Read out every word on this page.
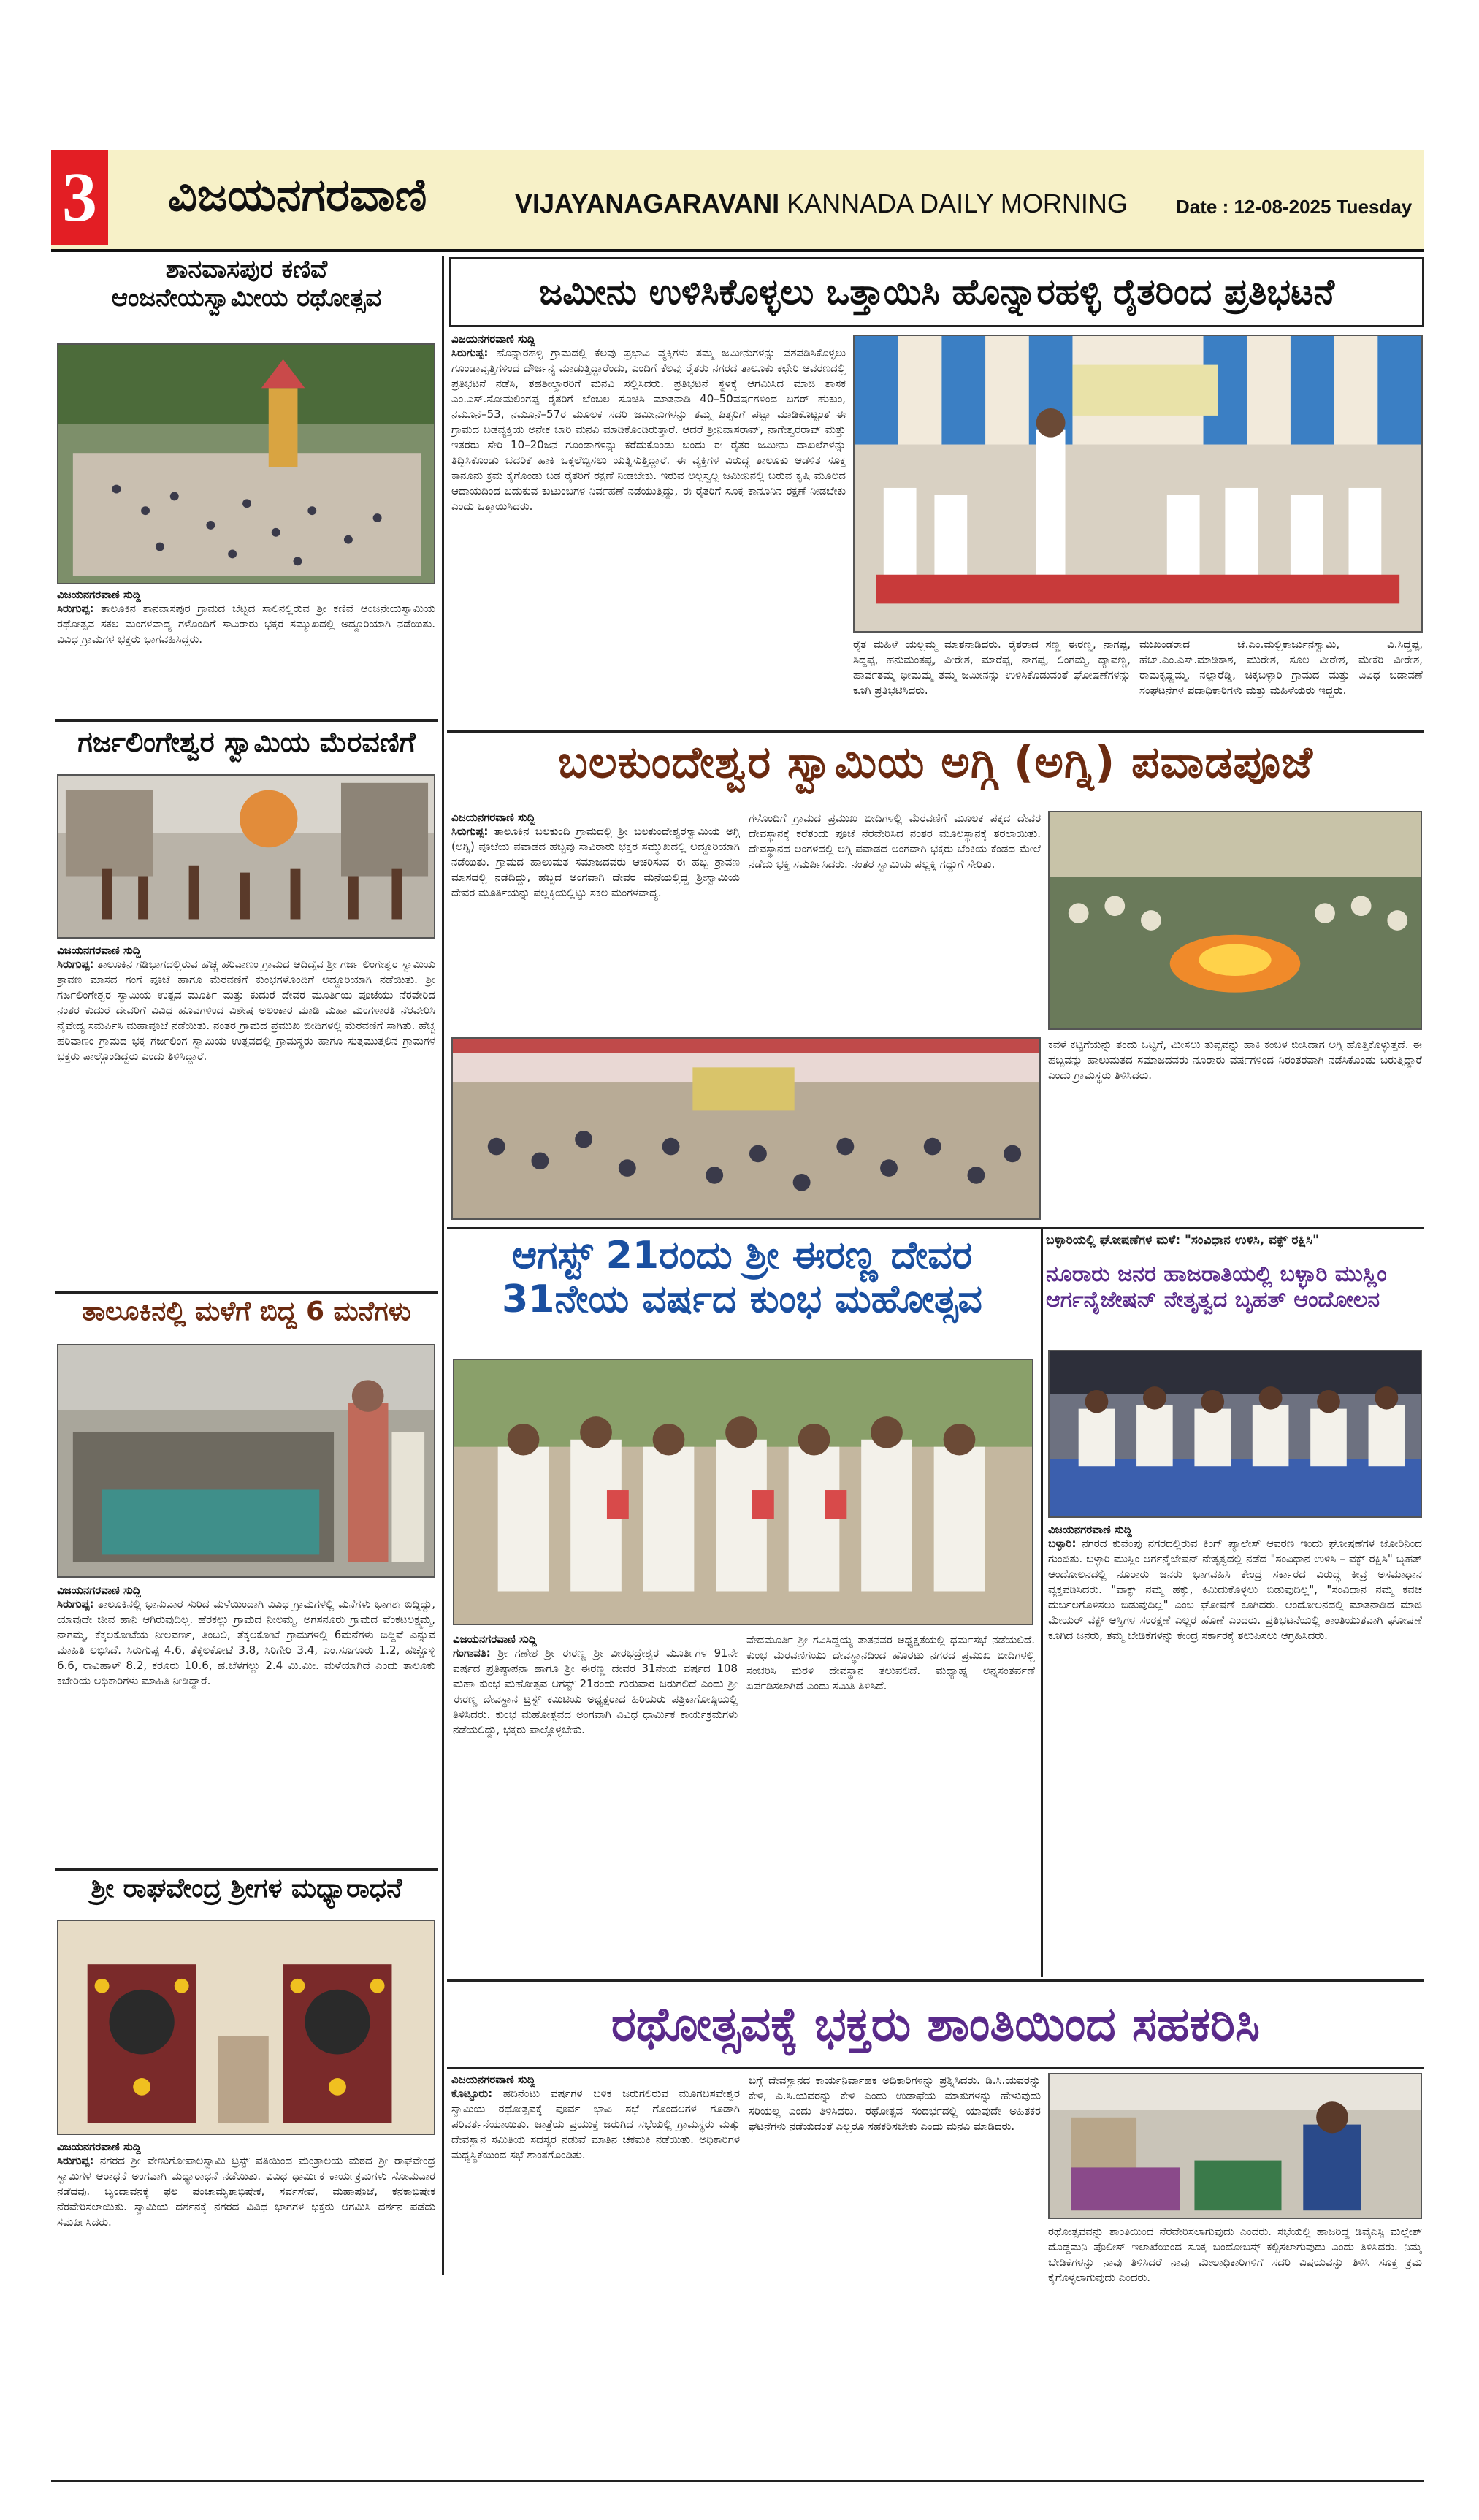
3 ವಿಜಯನಗರವಾಣಿ	VIJAYANAGARAVANI KANNADA DAILY MORNING	Date : 12-08-2025 Tuesday
ಶಾನವಾಸಪುರ ಕಣಿವೆ
ಆಂಜನೇಯಸ್ವಾಮೀಯ ರಥೋತ್ಸವ
ವಿಜಯನಗರವಾಣಿ ಸುದ್ದಿ
ಸಿರುಗುಪ್ಪ: ತಾಲೂಕಿನ ಶಾನವಾಸಪುರ ಗ್ರಾಮದ ಬೆಟ್ಟದ ಸಾಲಿನಲ್ಲಿರುವ ಶ್ರೀ ಕಣಿವೆ ಆಂಜನೇಯಸ್ವಾಮಿಯ ರಥೋತ್ಸವ ಸಕಲ ಮಂಗಳವಾದ್ಯ ಗಳೊಂದಿಗೆ ಸಾವಿರಾರು ಭಕ್ತರ ಸಮ್ಮುಖದಲ್ಲಿ ಅದ್ದೂರಿಯಾಗಿ ನಡೆಯಿತು. ವಿವಿಧ ಗ್ರಾಮಗಳ ಭಕ್ತರು ಭಾಗವಹಿಸಿದ್ದರು.
ಗರ್ಜಲಿಂಗೇಶ್ವರ ಸ್ವಾಮಿಯ ಮೆರವಣಿಗೆ
ವಿಜಯನಗರವಾಣಿ ಸುದ್ದಿ
ಸಿರುಗುಪ್ಪ: ತಾಲೂಕಿನ ಗಡಿಭಾಗದಲ್ಲಿರುವ ಹೆಚ್ಚ ಹರಿವಾಣಂ ಗ್ರಾಮದ ಆದಿದೈವ ಶ್ರೀ ಗರ್ಜ ಲಿಂಗೇಶ್ವರ ಸ್ವಾಮಿಯ ಶ್ರಾವಣ ಮಾಸದ ಗಂಗೆ ಪೂಜೆ ಹಾಗೂ ಮೆರವಣಿಗೆ ಕುಂಭಗಳೊಂದಿಗೆ ಅದ್ದೂರಿಯಾಗಿ ನಡೆಯಿತು. ಶ್ರೀ ಗರ್ಜಲಿಂಗೇಶ್ವರ ಸ್ವಾಮಿಯ ಉತ್ಸವ ಮೂರ್ತಿ ಮತ್ತು ಕುದುರೆ ದೇವರ ಮೂರ್ತಿಯ ಪೂಜೆಯು ನೆರವೇರಿದ ನಂತರ ಕುದುರೆ ದೇವರಿಗೆ ವಿವಿಧ ಹೂವಗಳಿಂದ ವಿಶೇಷ ಅಲಂಕಾರ ಮಾಡಿ ಮಹಾ ಮಂಗಳಾರತಿ ನೆರವೇರಿಸಿ ನೈವೇದ್ಯ ಸಮರ್ಪಿಸಿ ಮಹಾಪೂಜೆ ನಡೆಯಿತು. ನಂತರ ಗ್ರಾಮದ ಪ್ರಮುಖ ಬೀದಿಗಳಲ್ಲಿ ಮೆರವಣಿಗೆ ಸಾಗಿತು. ಹೆಚ್ಚ ಹರಿವಾಣಂ ಗ್ರಾಮದ ಭಕ್ತ ಗರ್ಜಲಿಂಗ ಸ್ವಾಮಿಯ ಉತ್ಸವದಲ್ಲಿ ಗ್ರಾಮಸ್ಥರು ಹಾಗೂ ಸುತ್ತಮುತ್ತಲಿನ ಗ್ರಾಮಗಳ ಭಕ್ತರು ಪಾಲ್ಗೊಂಡಿದ್ದರು ಎಂದು ತಿಳಿಸಿದ್ದಾರೆ.
ತಾಲೂಕಿನಲ್ಲಿ ಮಳೆಗೆ ಬಿದ್ದ 6 ಮನೆಗಳು
ವಿಜಯನಗರವಾಣಿ ಸುದ್ದಿ
ಸಿರುಗುಪ್ಪ: ತಾಲೂಕಿನಲ್ಲಿ ಭಾನುವಾರ ಸುರಿದ ಮಳೆಯಿಂದಾಗಿ ವಿವಿಧ ಗ್ರಾಮಗಳಲ್ಲಿ ಮನೆಗಳು ಭಾಗಶಃ ಬಿದ್ದಿದ್ದು, ಯಾವುದೇ ಜೀವ ಹಾನಿ ಆಗಿರುವುದಿಲ್ಲ. ಹೆರಕಲ್ಲು ಗ್ರಾಮದ ನೀಲಮ್ಮ, ಅಗಸನೂರು ಗ್ರಾಮದ ವೆಂಕಟಲಕ್ಷ್ಮಮ್ಮ, ನಾಗಮ್ಮ, ಕೆಕ್ಕಲಕೋಟೆಯ ನೀಲವರ್ಣ, ತಿಂಬಲಿ, ತೆಕ್ಕಲಕೋಟೆ ಗ್ರಾಮಗಳಲ್ಲಿ 6ಮನೆಗಳು ಬಿದ್ದಿವೆ ಎನ್ನುವ ಮಾಹಿತಿ ಲಭಿಸಿದೆ. ಸಿರುಗುಪ್ಪ 4.6, ತೆಕ್ಕಲಕೋಟೆ 3.8, ಸಿರಿಗೇರಿ 3.4, ಎಂ.ಸೂಗೂರು 1.2, ಹಚ್ಚೊಳ್ಳಿ 6.6, ರಾವಿಹಾಳ್ 8.2, ಕರೂರು 10.6, ಹ.ಬೆಳಗಲ್ಲು 2.4 ಮಿ.ಮೀ. ಮಳೆಯಾಗಿದೆ ಎಂದು ತಾಲೂಕು ಕಚೇರಿಯ ಅಧಿಕಾರಿಗಳು ಮಾಹಿತಿ ನೀಡಿದ್ದಾರೆ.
ಶ್ರೀ ರಾಘವೇಂದ್ರ ಶ್ರೀಗಳ ಮಧ್ಯಾರಾಧನೆ
ವಿಜಯನಗರವಾಣಿ ಸುದ್ದಿ
ಸಿರುಗುಪ್ಪ: ನಗರದ ಶ್ರೀ ವೇಣುಗೋಪಾಲಸ್ವಾಮಿ ಟ್ರಸ್ಟ್ ವತಿಯಿಂದ ಮಂತ್ರಾಲಯ ಮಠದ ಶ್ರೀ ರಾಘವೇಂದ್ರ ಸ್ವಾಮಿಗಳ ಆರಾಧನೆ ಅಂಗವಾಗಿ ಮಧ್ಯಾರಾಧನೆ ನಡೆಯಿತು. ವಿವಿಧ ಧಾರ್ಮಿಕ ಕಾರ್ಯಕ್ರಮಗಳು ಸೋಮವಾರ ನಡೆದವು. ಬೃಂದಾವನಕ್ಕೆ ಫಲ ಪಂಚಾಮೃತಾಭಿಷೇಕ, ಸರ್ವಸೇವೆ, ಮಹಾಪೂಜೆ, ಕನಕಾಭಿಷೇಕ ನೆರವೇರಿಸಲಾಯಿತು. ಸ್ವಾಮಿಯ ದರ್ಶನಕ್ಕೆ ನಗರದ ವಿವಿಧ ಭಾಗಗಳ ಭಕ್ತರು ಆಗಮಿಸಿ ದರ್ಶನ ಪಡೆದು ಸಮರ್ಪಿಸಿದರು.
ಜಮೀನು ಉಳಿಸಿಕೊಳ್ಳಲು ಒತ್ತಾಯಿಸಿ ಹೊನ್ನಾರಹಳ್ಳಿ ರೈತರಿಂದ ಪ್ರತಿಭಟನೆ
ವಿಜಯನಗರವಾಣಿ ಸುದ್ದಿ
ಸಿರುಗುಪ್ಪ: ಹೊನ್ನಾರಹಳ್ಳಿ ಗ್ರಾಮದಲ್ಲಿ ಕೆಲವು ಪ್ರಭಾವಿ ವ್ಯಕ್ತಿಗಳು ತಮ್ಮ ಜಮೀನುಗಳನ್ನು ವಶಪಡಿಸಿಕೊಳ್ಳಲು ಗೂಂಡಾವೃತ್ತಿಗಳಿಂದ ದೌರ್ಜನ್ಯ ಮಾಡುತ್ತಿದ್ದಾರೆಂದು, ಎಂದಿಗೆ ಕೆಲವು ರೈತರು ನಗರದ ತಾಲೂಕು ಕಛೇರಿ ಆವರಣದಲ್ಲಿ ಪ್ರತಿಭಟನೆ ನಡೆಸಿ, ತಹಶೀಲ್ದಾರರಿಗೆ ಮನವಿ ಸಲ್ಲಿಸಿದರು. ಪ್ರತಿಭಟನೆ ಸ್ಥಳಕ್ಕೆ ಆಗಮಿಸಿದ ಮಾಜಿ ಶಾಸಕ ಎಂ.ಎಸ್.ಸೋಮಲಿಂಗಪ್ಪ ರೈತರಿಗೆ ಬೆಂಬಲ ಸೂಚಿಸಿ ಮಾತನಾಡಿ 40–50ವರ್ಷಗಳಿಂದ ಬಗರ್ ಹುಕುಂ, ನಮೂನೆ–53, ನಮೂನೆ–57ರ ಮೂಲಕ ಸದರಿ ಜಮೀನುಗಳನ್ನು ತಮ್ಮ ಪಿತೃರಿಗೆ ಪಟ್ಟಾ ಮಾಡಿಕೊಟ್ಟಂತೆ ಈ ಗ್ರಾಮದ ಬಡವ್ಯಕ್ತಿಯ ಅನೇಕ ಬಾರಿ ಮನವಿ ಮಾಡಿಕೊಂಡಿರುತ್ತಾರೆ. ಆದರೆ ಶ್ರೀನಿವಾಸರಾವ್, ನಾಗೇಶ್ವರರಾವ್ ಮತ್ತು ಇತರರು ಸೇರಿ 10–20ಜನ ಗೂಂಡಾಗಳನ್ನು ಕರೆದುಕೊಂಡು ಬಂದು ಈ ರೈತರ ಜಮೀನು ದಾಖಲೆಗಳನ್ನು ತಿದ್ದಿಸಿಕೊಂಡು ಬೆದರಿಕೆ ಹಾಕಿ ಒಕ್ಕಲೆಬ್ಬಿಸಲು ಯತ್ನಿಸುತ್ತಿದ್ದಾರೆ. ಈ ವ್ಯಕ್ತಿಗಳ ವಿರುದ್ಧ ತಾಲೂಕು ಆಡಳಿತ ಸೂಕ್ತ ಕಾನೂನು ಕ್ರಮ ಕೈಗೊಂಡು ಬಡ ರೈತರಿಗೆ ರಕ್ಷಣೆ ನೀಡಬೇಕು. ಇರುವ ಅಲ್ಪಸ್ವಲ್ಪ ಜಮೀನಿನಲ್ಲಿ ಬರುವ ಕೃಷಿ ಮೂಲದ ಆದಾಯದಿಂದ ಬದುಕುವ ಕುಟುಂಬಗಳ ನಿರ್ವಹಣೆ ನಡೆಯುತ್ತಿದ್ದು, ಈ ರೈತರಿಗೆ ಸೂಕ್ತ ಕಾನೂನಿನ ರಕ್ಷಣೆ ನೀಡಬೇಕು ಎಂದು ಒತ್ತಾಯಿಸಿದರು.
ರೈತ ಮಹಿಳೆ ಯಲ್ಲಮ್ಮ ಮಾತನಾಡಿದರು. ರೈತರಾದ ಸಣ್ಣ ಈರಣ್ಣ, ನಾಗಪ್ಪ, ಸಿದ್ದಪ್ಪ, ಹನುಮಂತಪ್ಪ, ವೀರೇಶ, ಮಾರೆಪ್ಪ, ನಾಗಪ್ಪ, ಲಿಂಗಮ್ಮ, ದ್ಯಾವಣ್ಣ, ಹಾರ್ವತಮ್ಮ ಭೀಮಮ್ಮ ತಮ್ಮ ಜಮೀನನ್ನು ಉಳಿಸಿಕೊಡುವಂತೆ ಘೋಷಣೆಗಳನ್ನು ಕೂಗಿ ಪ್ರತಿಭಟಿಸಿದರು.
ಮುಖಂಡರಾದ ಜೆ.ಎಂ.ಮಲ್ಲಿಕಾರ್ಜುನಸ್ವಾಮಿ, ವಿ.ಸಿದ್ದಪ್ಪ, ಹೆಚ್.ಎಂ.ಎಸ್.ಮಾಡಿಕಾಶ, ಮುರೇಶ, ಸೂಲ ವೀರೇಶ, ಮೇಕೆರಿ ವೀರೇಶ, ರಾಮಕೃಷ್ಣಮ್ಮ, ನಲ್ಲಾರೆಡ್ಡಿ, ಚಿಕ್ಕಬಳ್ಳಾರಿ ಗ್ರಾಮದ ಮತ್ತು ವಿವಿಧ ಬಡಾವಣೆ ಸಂಘಟನೆಗಳ ಪದಾಧಿಕಾರಿಗಳು ಮತ್ತು ಮಹಿಳೆಯರು ಇದ್ದರು.
ಬಲಕುಂದೇಶ್ವರ ಸ್ವಾಮಿಯ ಅಗ್ಗಿ (ಅಗ್ನಿ) ಪವಾಡಪೂಜೆ
ವಿಜಯನಗರವಾಣಿ ಸುದ್ದಿ
ಸಿರುಗುಪ್ಪ: ತಾಲೂಕಿನ ಬಲಕುಂದಿ ಗ್ರಾಮದಲ್ಲಿ ಶ್ರೀ ಬಲಕುಂದೇಶ್ವರಸ್ವಾಮಿಯ ಅಗ್ಗಿ (ಅಗ್ನಿ) ಪೂಜೆಯ ಪವಾಡದ ಹಬ್ಬವು ಸಾವಿರಾರು ಭಕ್ತರ ಸಮ್ಮುಖದಲ್ಲಿ ಅದ್ದೂರಿಯಾಗಿ ನಡೆಯಿತು. ಗ್ರಾಮದ ಹಾಲುಮತ ಸಮಾಜದವರು ಆಚರಿಸುವ ಈ ಹಬ್ಬ ಶ್ರಾವಣ ಮಾಸದಲ್ಲಿ ನಡೆದಿದ್ದು, ಹಬ್ಬದ ಅಂಗವಾಗಿ ದೇವರ ಮನೆಯಲ್ಲಿದ್ದ ಶ್ರೀಸ್ವಾಮಿಯ ದೇವರ ಮೂರ್ತಿಯನ್ನು ಪಲ್ಲಕ್ಕಿಯಲ್ಲಿಟ್ಟು ಸಕಲ ಮಂಗಳವಾದ್ಯ.
ಗಳೊಂದಿಗೆ ಗ್ರಾಮದ ಪ್ರಮುಖ ಬೀದಿಗಳಲ್ಲಿ ಮೆರವಣಿಗೆ ಮೂಲಕ ಪಕ್ಕದ ದೇವರ ದೇವಸ್ಥಾನಕ್ಕೆ ಕರೆತಂದು ಪೂಜೆ ನೆರವೇರಿಸಿದ ನಂತರ ಮೂಲಸ್ಥಾನಕ್ಕೆ ತರಲಾಯಿತು. ದೇವಸ್ಥಾನದ ಅಂಗಳದಲ್ಲಿ ಅಗ್ಗಿ ಪವಾಡದ ಅಂಗವಾಗಿ ಭಕ್ತರು ಬೆಂಕಿಯ ಕೆಂಡದ ಮೇಲೆ ನಡೆದು ಭಕ್ತಿ ಸಮರ್ಪಿಸಿದರು. ನಂತರ ಸ್ವಾಮಿಯ ಪಲ್ಲಕ್ಕಿ ಗದ್ದುಗೆ ಸೇರಿತು.
ಕವಳೆ ಕಟ್ಟಿಗೆಯನ್ನು ತಂದು ಒಟ್ಟಿಗೆ, ಮೀಸಲು ತುಪ್ಪವನ್ನು ಹಾಕಿ ಕಂಬಳ ಬೀಸಿದಾಗ ಅಗ್ಗಿ ಹೊತ್ತಿಕೊಳ್ಳುತ್ತದೆ. ಈ ಹಬ್ಬವನ್ನು ಹಾಲುಮತದ ಸಮಾಜದವರು ನೂರಾರು ವರ್ಷಗಳಿಂದ ನಿರಂತರವಾಗಿ ನಡೆಸಿಕೊಂಡು ಬರುತ್ತಿದ್ದಾರೆ ಎಂದು ಗ್ರಾಮಸ್ಥರು ತಿಳಿಸಿದರು.
ಆಗಸ್ಟ್ 21ರಂದು ಶ್ರೀ ಈರಣ್ಣ ದೇವರ
31ನೇಯ ವರ್ಷದ ಕುಂಭ ಮಹೋತ್ಸವ
ವಿಜಯನಗರವಾಣಿ ಸುದ್ದಿ
ಗಂಗಾವತಿ: ಶ್ರೀ ಗಣೇಶ ಶ್ರೀ ಈರಣ್ಣ ಶ್ರೀ ವೀರಭದ್ರೇಶ್ವರ ಮೂರ್ತಿಗಳ 91ನೇ ವರ್ಷದ ಪ್ರತಿಷ್ಠಾಪನಾ ಹಾಗೂ ಶ್ರೀ ಈರಣ್ಣ ದೇವರ 31ನೇಯ ವರ್ಷದ 108 ಮಹಾ ಕುಂಭ ಮಹೋತ್ಸವ ಆಗಸ್ಟ್ 21ರಂದು ಗುರುವಾರ ಜರುಗಲಿದೆ ಎಂದು ಶ್ರೀ ಈರಣ್ಣ ದೇವಸ್ಥಾನ ಟ್ರಸ್ಟ್ ಕಮಿಟಿಯ ಅಧ್ಯಕ್ಷರಾದ ಹಿರಿಯರು ಪತ್ರಿಕಾಗೋಷ್ಠಿಯಲ್ಲಿ ತಿಳಿಸಿದರು. ಕುಂಭ ಮಹೋತ್ಸವದ ಅಂಗವಾಗಿ ವಿವಿಧ ಧಾರ್ಮಿಕ ಕಾರ್ಯಕ್ರಮಗಳು ನಡೆಯಲಿದ್ದು, ಭಕ್ತರು ಪಾಲ್ಗೊಳ್ಳಬೇಕು.
ವೇದಮೂರ್ತಿ ಶ್ರೀ ಗವಿಸಿದ್ದಯ್ಯ ತಾತನವರ ಅಧ್ಯಕ್ಷತೆಯಲ್ಲಿ ಧರ್ಮಸಭೆ ನಡೆಯಲಿದೆ. ಕುಂಭ ಮೆರವಣಿಗೆಯು ದೇವಸ್ಥಾನದಿಂದ ಹೊರಟು ನಗರದ ಪ್ರಮುಖ ಬೀದಿಗಳಲ್ಲಿ ಸಂಚರಿಸಿ ಮರಳಿ ದೇವಸ್ಥಾನ ತಲುಪಲಿದೆ. ಮಧ್ಯಾಹ್ನ ಅನ್ನಸಂತರ್ಪಣೆ ಏರ್ಪಡಿಸಲಾಗಿದೆ ಎಂದು ಸಮಿತಿ ತಿಳಿಸಿದೆ.
ಬಳ್ಳಾರಿಯಲ್ಲಿ ಘೋಷಣೆಗಳ ಮಳೆ: "ಸಂವಿಧಾನ ಉಳಿಸಿ, ವಕ್ಫ್ ರಕ್ಷಿಸಿ"
ನೂರಾರು ಜನರ ಹಾಜರಾತಿಯಲ್ಲಿ ಬಳ್ಳಾರಿ ಮುಸ್ಲಿಂ
ಆರ್ಗನೈಜೇಷನ್ ನೇತೃತ್ವದ ಬೃಹತ್ ಆಂದೋಲನ
ವಿಜಯನಗರವಾಣಿ ಸುದ್ದಿ
ಬಳ್ಳಾರಿ: ನಗರದ ಕುವೆಂಪು ನಗರದಲ್ಲಿರುವ ಕಿಂಗ್ ಪ್ಯಾಲೇಸ್ ಆವರಣ ಇಂದು ಘೋಷಣೆಗಳ ಜೋರಿನಿಂದ ಗುಂಜಿತು. ಬಳ್ಳಾರಿ ಮುಸ್ಲಿಂ ಆರ್ಗನೈಜೇಷನ್ ನೇತೃತ್ವದಲ್ಲಿ ನಡೆದ "ಸಂವಿಧಾನ ಉಳಿಸಿ – ವಕ್ಫ್ ರಕ್ಷಿಸಿ" ಬೃಹತ್ ಆಂದೋಲನದಲ್ಲಿ ನೂರಾರು ಜನರು ಭಾಗವಹಿಸಿ ಕೇಂದ್ರ ಸರ್ಕಾರದ ವಿರುದ್ಧ ಕೀವ್ರ ಅಸಮಾಧಾನ ವ್ಯಕ್ತಪಡಿಸಿದರು. "ವಾಕ್ಫ್ ನಮ್ಮ ಹಕ್ಕು, ಕಿಮಿದುಕೊಳ್ಳಲು ಬಿಡುವುದಿಲ್ಲ", "ಸಂವಿಧಾನ ನಮ್ಮ ಕವಚ ದುರ್ಬಲಗೊಳಿಸಲು ಬಿಡುವುದಿಲ್ಲ" ಎಂಬ ಘೋಷಣೆ ಕೂಗಿದರು. ಆಂದೋಲನದಲ್ಲಿ ಮಾತನಾಡಿದ ಮಾಜಿ ಮೇಯರ್ ವಕ್ಫ್ ಆಸ್ತಿಗಳ ಸಂರಕ್ಷಣೆ ಎಲ್ಲರ ಹೊಣೆ ಎಂದರು. ಪ್ರತಿಭಟನೆಯಲ್ಲಿ ಶಾಂತಿಯುತವಾಗಿ ಘೋಷಣೆ ಕೂಗಿದ ಜನರು, ತಮ್ಮ ಬೇಡಿಕೆಗಳನ್ನು ಕೇಂದ್ರ ಸರ್ಕಾರಕ್ಕೆ ತಲುಪಿಸಲು ಆಗ್ರಹಿಸಿದರು.
ರಥೋತ್ಸವಕ್ಕೆ ಭಕ್ತರು ಶಾಂತಿಯಿಂದ ಸಹಕರಿಸಿ
ವಿಜಯನಗರವಾಣಿ ಸುದ್ದಿ
ಕೊಟ್ಟೂರು: ಹದಿನೆಂಟು ವರ್ಷಗಳ ಬಳಿಕ ಜರುಗಲಿರುವ ಮೂಗಬಸವೇಶ್ವರ ಸ್ವಾಮಿಯ ರಥೋತ್ಸವಕ್ಕೆ ಪೂರ್ವ ಭಾವಿ ಸಭೆ ಗೊಂದಲಗಳ ಗೂಡಾಗಿ ಪರಿವರ್ತನೆಯಾಯಿತು. ಜಾತ್ರೆಯ ಪ್ರಯುಕ್ತ ಜರುಗಿದ ಸಭೆಯಲ್ಲಿ ಗ್ರಾಮಸ್ಥರು ಮತ್ತು ದೇವಸ್ಥಾನ ಸಮಿತಿಯ ಸದಸ್ಯರ ನಡುವೆ ಮಾತಿನ ಚಕಮಕಿ ನಡೆಯಿತು. ಅಧಿಕಾರಿಗಳ ಮಧ್ಯಸ್ಥಿಕೆಯಿಂದ ಸಭೆ ಶಾಂತಗೊಂಡಿತು.
ಬಗ್ಗೆ ದೇವಸ್ಥಾನದ ಕಾರ್ಯನಿರ್ವಾಹಕ ಅಧಿಕಾರಿಗಳನ್ನು ಪ್ರಶ್ನಿಸಿದರು. ಡಿ.ಸಿ.ಯವರನ್ನು ಕೇಳಿ, ಎ.ಸಿ.ಯವರನ್ನು ಕೇಳಿ ಎಂದು ಉಡಾಫೆಯ ಮಾತುಗಳನ್ನು ಹೇಳುವುದು ಸರಿಯಲ್ಲ ಎಂದು ತಿಳಿಸಿದರು. ರಥೋತ್ಸವ ಸಂದರ್ಭದಲ್ಲಿ ಯಾವುದೇ ಅಹಿತಕರ ಘಟನೆಗಳು ನಡೆಯದಂತೆ ಎಲ್ಲರೂ ಸಹಕರಿಸಬೇಕು ಎಂದು ಮನವಿ ಮಾಡಿದರು.
ರಥೋತ್ಸವವನ್ನು ಶಾಂತಿಯಿಂದ ನೆರವೇರಿಸಲಾಗುವುದು ಎಂದರು. ಸಭೆಯಲ್ಲಿ ಹಾಜರಿದ್ದ ಡಿವೈಎಸ್ಪಿ ಮಲ್ಲೇಶ್ ದೊಡ್ಡಮನಿ ಪೊಲೀಸ್ ಇಲಾಖೆಯಿಂದ ಸೂಕ್ತ ಬಂದೋಬಸ್ತ್ ಕಲ್ಪಿಸಲಾಗುವುದು ಎಂದು ತಿಳಿಸಿದರು. ನಿಮ್ಮ ಬೇಡಿಕೆಗಳನ್ನು ನಾವು ತಿಳಿಸಿದರೆ ನಾವು ಮೇಲಾಧಿಕಾರಿಗಳಿಗೆ ಸದರಿ ವಿಷಯವನ್ನು ತಿಳಿಸಿ ಸೂಕ್ತ ಕ್ರಮ ಕೈಗೊಳ್ಳಲಾಗುವುದು ಎಂದರು.
